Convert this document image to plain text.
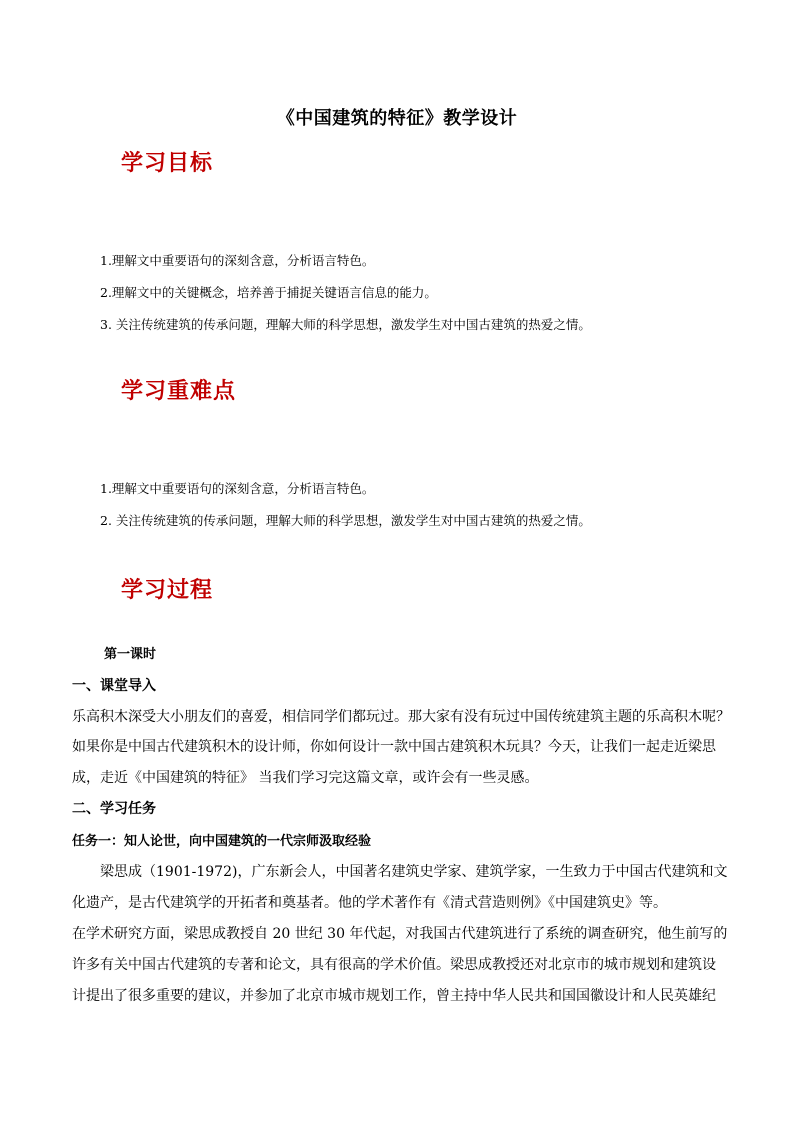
《中国建筑的特征》教学设计
学习目标
1.理解文中重要语句的深刻含意，分析语言特色。
2.理解文中的关键概念，培养善于捕捉关键语言信息的能力。
3. 关注传统建筑的传承问题，理解大师的科学思想，激发学生对中国古建筑的热爱之情。
学习重难点
1.理解文中重要语句的深刻含意，分析语言特色。
2. 关注传统建筑的传承问题，理解大师的科学思想，激发学生对中国古建筑的热爱之情。
学习过程
第一课时
一、课堂导入
乐高积木深受大小朋友们的喜爱，相信同学们都玩过。那大家有没有玩过中国传统建筑主题的乐高积木呢？
如果你是中国古代建筑积木的设计师，你如何设计一款中国古建筑积木玩具？今天，让我们一起走近梁思
成，走近《中国建筑的特征》 当我们学习完这篇文章，或许会有一些灵感。
二、学习任务
任务一：知人论世，向中国建筑的一代宗师汲取经验
梁思成（1901-1972)，广东新会人，中国著名建筑史学家、建筑学家，一生致力于中国古代建筑和文
化遗产，是古代建筑学的开拓者和奠基者。他的学术著作有《清式营造则例》《中国建筑史》等。
在学术研究方面，梁思成教授自 20 世纪 30 年代起，对我国古代建筑进行了系统的调查研究，他生前写的
许多有关中国古代建筑的专著和论文，具有很高的学术价值。梁思成教授还对北京市的城市规划和建筑设
计提出了很多重要的建议，并参加了北京市城市规划工作，曾主持中华人民共和国国徽设计和人民英雄纪
